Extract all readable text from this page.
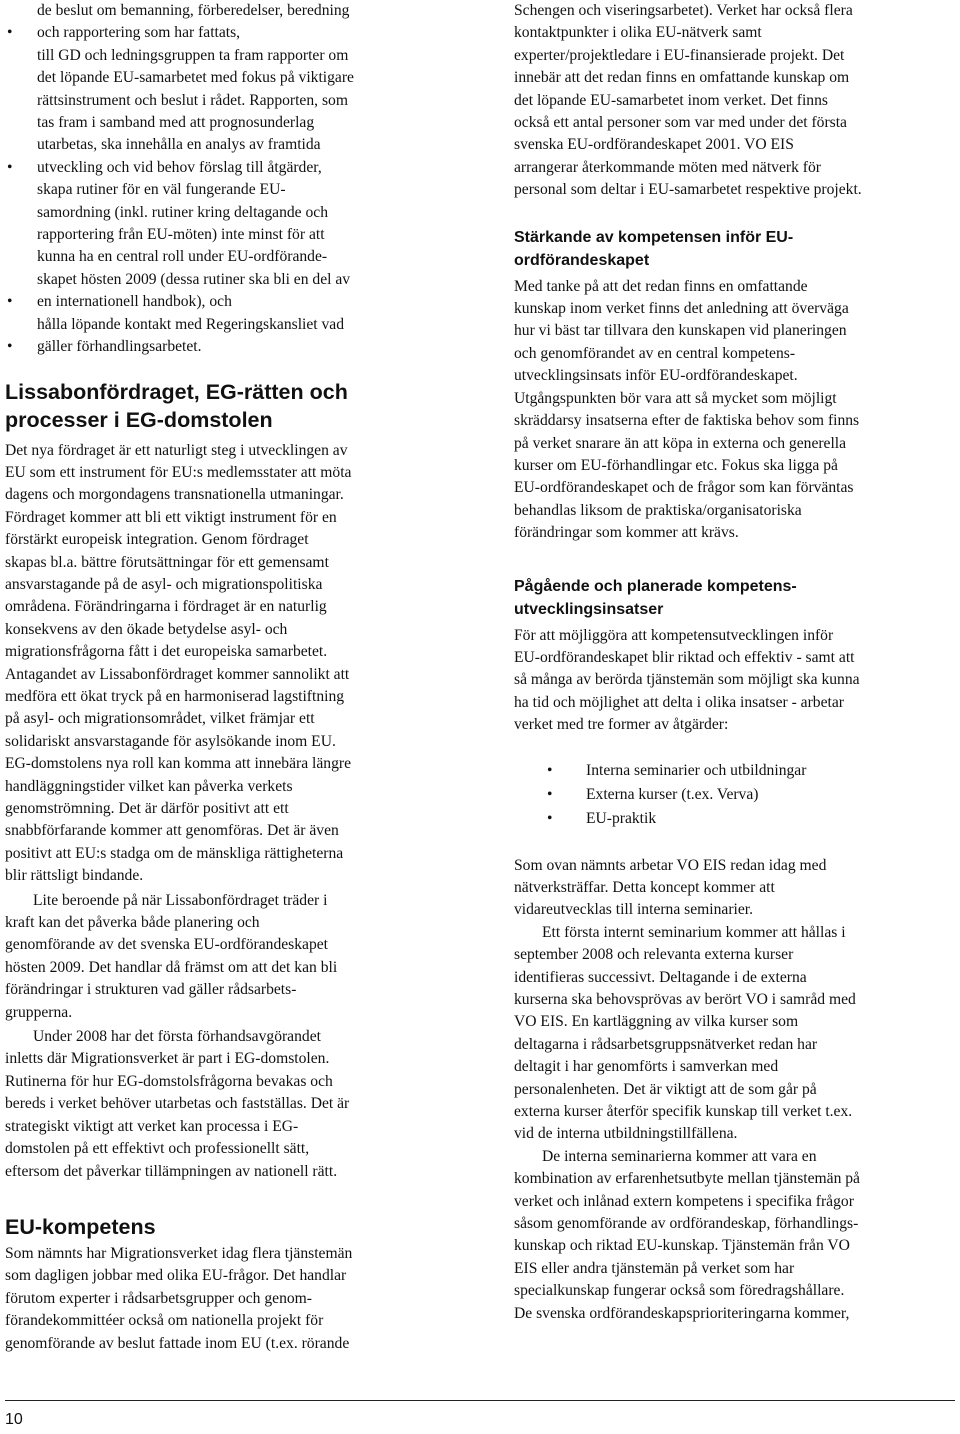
de beslut om bemanning, förberedelser, beredning
och rapportering som har fattats,
•
till GD och ledningsgruppen ta fram rapporter om
det löpande EU-samarbetet med fokus på viktigare
rättsinstrument och beslut i rådet. Rapporten, som
tas fram i samband med att prognosunderlag
utarbetas, ska innehålla en analys av framtida
utveckling och vid behov förslag till åtgärder,
•
skapa rutiner för en väl fungerande EU-
samordning (inkl. rutiner kring deltagande och
rapportering från EU-möten) inte minst för att
kunna ha en central roll under EU-ordförande-
skapet hösten 2009 (dessa rutiner ska bli en del av
en internationell handbok), och
•
hålla löpande kontakt med Regeringskansliet vad
gäller förhandlingsarbetet.
•
Lissabonfördraget, EG-rätten och
processer i EG-domstolen
Det nya fördraget är ett naturligt steg i utvecklingen av
EU som ett instrument för EU:s medlemsstater att möta
dagens och morgondagens transnationella utmaningar.
Fördraget kommer att bli ett viktigt instrument för en
förstärkt europeisk integration. Genom fördraget
skapas bl.a. bättre förutsättningar för ett gemensamt
ansvarstagande på de asyl- och migrationspolitiska
områdena. Förändringarna i fördraget är en naturlig
konsekvens av den ökade betydelse asyl- och
migrationsfrågorna fått i det europeiska samarbetet.
Antagandet av Lissabonfördraget kommer sannolikt att
medföra ett ökat tryck på en harmoniserad lagstiftning
på asyl- och migrationsområdet, vilket främjar ett
solidariskt ansvarstagande för asylsökande inom EU.
EG-domstolens nya roll kan komma att innebära längre
handläggningstider vilket kan påverka verkets
genomströmning. Det är därför positivt att ett
snabbförfarande kommer att genomföras. Det är även
positivt att EU:s stadga om de mänskliga rättigheterna
blir rättsligt bindande.
Lite beroende på när Lissabonfördraget träder i
kraft kan det påverka både planering och
genomförande av det svenska EU-ordförandeskapet
hösten 2009. Det handlar då främst om att det kan bli
förändringar i strukturen vad gäller rådsarbets-
grupperna.
Under 2008 har det första förhandsavgörandet
inletts där Migrationsverket är part i EG-domstolen.
Rutinerna för hur EG-domstolsfrågorna bevakas och
bereds i verket behöver utarbetas och fastställas. Det är
strategiskt viktigt att verket kan processa i EG-
domstolen på ett effektivt och professionellt sätt,
eftersom det påverkar tillämpningen av nationell rätt.
EU-kompetens
Som nämnts har Migrationsverket idag flera tjänstemän
som dagligen jobbar med olika EU-frågor. Det handlar
förutom experter i rådsarbetsgrupper och genom-
förandekommittéer också om nationella projekt för
genomförande av beslut fattade inom EU (t.ex. rörande
Schengen och viseringsarbetet). Verket har också flera
kontaktpunkter i olika EU-nätverk samt
experter/projektledare i EU-finansierade projekt. Det
innebär att det redan finns en omfattande kunskap om
det löpande EU-samarbetet inom verket. Det finns
också ett antal personer som var med under det första
svenska EU-ordförandeskapet 2001. VO EIS
arrangerar återkommande möten med nätverk för
personal som deltar i EU-samarbetet respektive projekt.
Stärkande av kompetensen inför EU-
ordförandeskapet
Med tanke på att det redan finns en omfattande
kunskap inom verket finns det anledning att överväga
hur vi bäst tar tillvara den kunskapen vid planeringen
och genomförandet av en central kompetens-
utvecklingsinsats inför EU-ordförandeskapet.
Utgångspunkten bör vara att så mycket som möjligt
skräddarsy insatserna efter de faktiska behov som finns
på verket snarare än att köpa in externa och generella
kurser om EU-förhandlingar etc. Fokus ska ligga på
EU-ordförandeskapet och de frågor som kan förväntas
behandlas liksom de praktiska/organisatoriska
förändringar som kommer att krävs.
Pågående och planerade kompetens-
utvecklingsinsatser
För att möjliggöra att kompetensutvecklingen inför
EU-ordförandeskapet blir riktad och effektiv - samt att
så många av berörda tjänstemän som möjligt ska kunna
ha tid och möjlighet att delta i olika insatser - arbetar
verket med tre former av åtgärder:
• Interna seminarier och utbildningar
• Externa kurser (t.ex. Verva)
• EU-praktik
Som ovan nämnts arbetar VO EIS redan idag med
nätverksträffar. Detta koncept kommer att
vidareutvecklas till interna seminarier.
Ett första internt seminarium kommer att hållas i
september 2008 och relevanta externa kurser
identifieras successivt. Deltagande i de externa
kurserna ska behovsprövas av berört VO i samråd med
VO EIS. En kartläggning av vilka kurser som
deltagarna i rådsarbetsgruppsnätverket redan har
deltagit i har genomförts i samverkan med
personalenheten. Det är viktigt att de som går på
externa kurser återför specifik kunskap till verket t.ex.
vid de interna utbildningstillfällena.
De interna seminarierna kommer att vara en
kombination av erfarenhetsutbyte mellan tjänstemän på
verket och inlånad extern kompetens i specifika frågor
såsom genomförande av ordförandeskap, förhandlings-
kunskap och riktad EU-kunskap. Tjänstemän från VO
EIS eller andra tjänstemän på verket som har
specialkunskap fungerar också som föredragshållare.
De svenska ordförandeskapsprioriteringarna kommer,
10
